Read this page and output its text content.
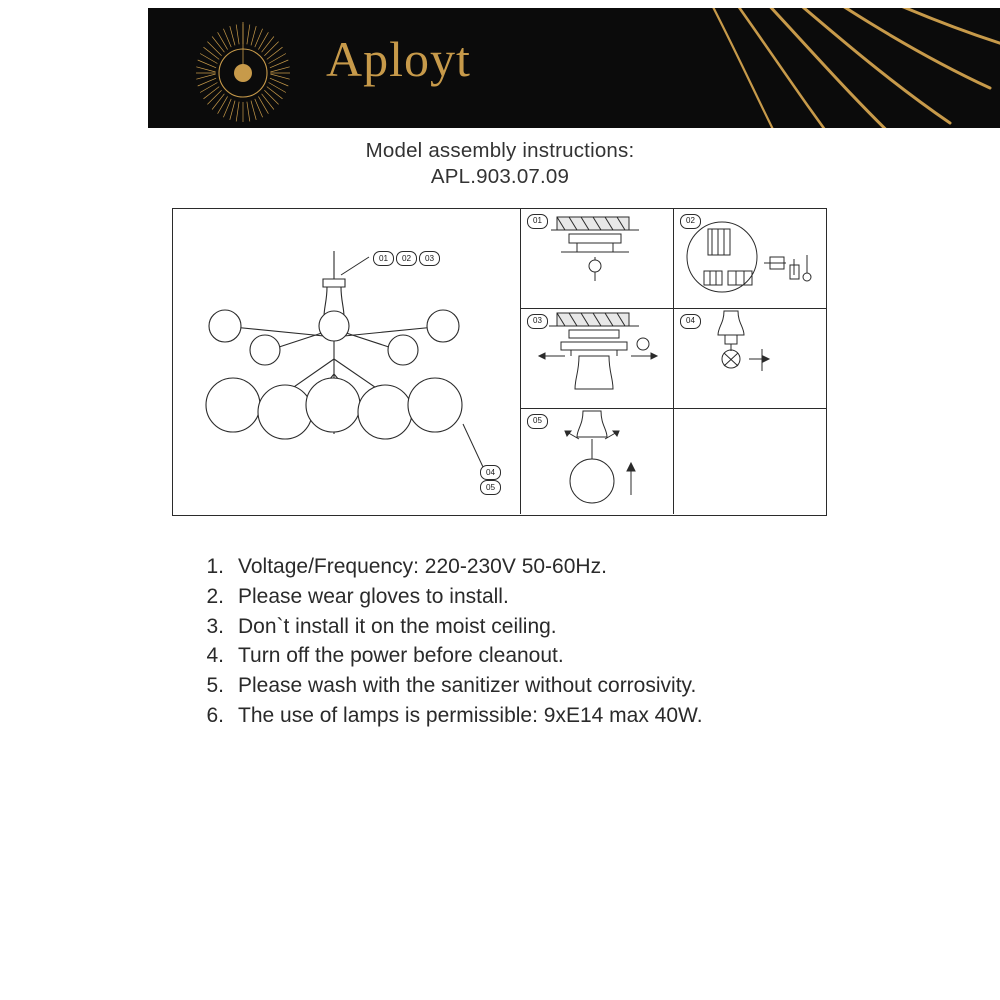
Aployt
Model assembly instructions:
APL.903.07.09
01 02 03
0405
01	02
03	04
05
1. Voltage/Frequency: 220-230V 50-60Hz.
2. Please wear gloves to install.
3. Don`t install it on the moist ceiling.
4. Turn off the power before cleanout.
5. Please wash with the sanitizer without corrosivity.
6. The use of lamps is permissible: 9xE14 max 40W.
